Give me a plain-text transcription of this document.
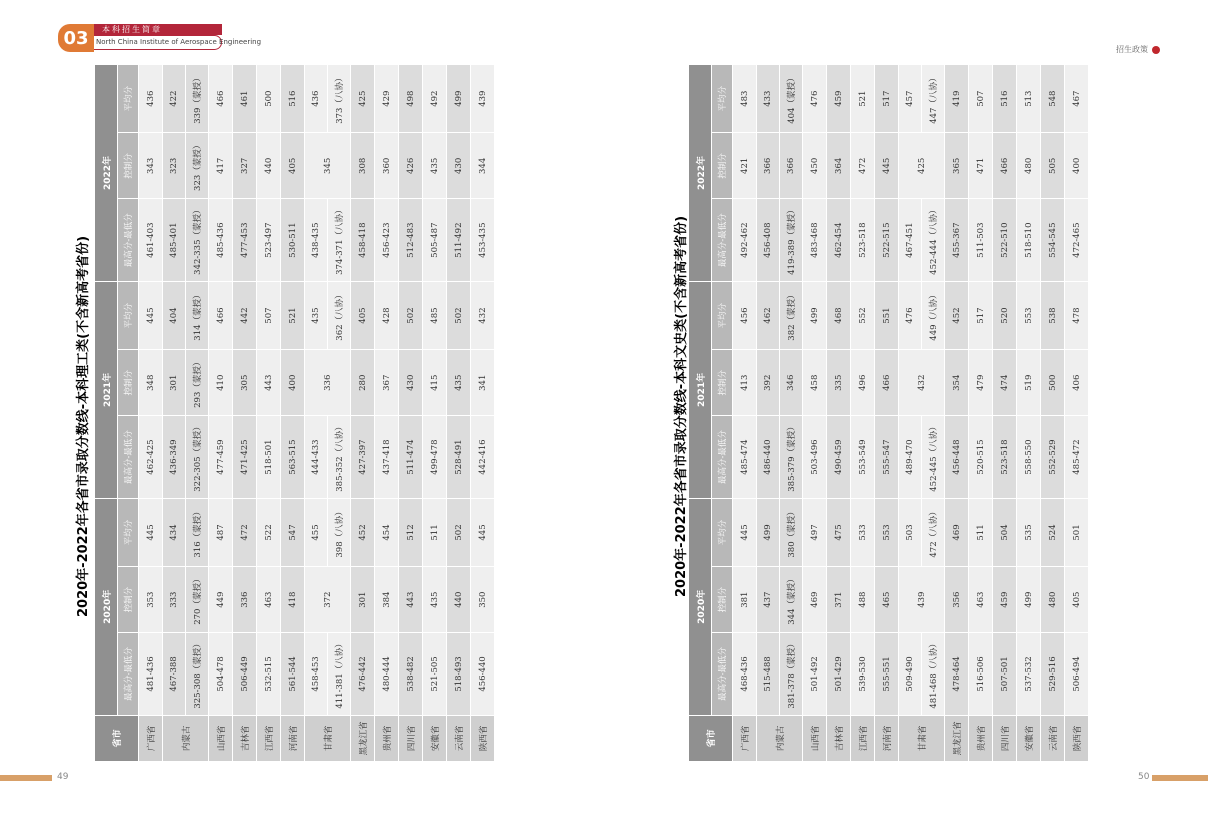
03	本科招生简章
North China Institute of Aerospace Engineering
招生政策
49	50
2020年-2022年各省市录取分数线-本科理工类(不含新高考省份)	2020年-2022年各省市录取分数线-本科文史类(不含新高考省份)
省市	2020年			2021年			2022年		
	最高分-最低分	控制分	平均分	最高分-最低分	控制分	平均分	最高分-最低分	控制分	平均分
广西省	481-436	353	445	462-425	348	445	461-403	343	436
内蒙古	467-388	333	434	436-349	301	404	485-401	323	422
	325-308（蒙授）	270（蒙授）	316（蒙授）	322-305（蒙授）	293（蒙授）	314（蒙授）	342-335（蒙授）	323（蒙授）	339（蒙授）
山西省	504-478	449	487	477-459	410	466	485-436	417	466
吉林省	506-449	336	472	471-425	305	442	477-453	327	461
江西省	532-515	463	522	518-501	443	507	523-497	440	500
河南省	561-544	418	547	563-515	400	521	530-511	405	516
甘肃省	458-453	372	455	444-433	336	435	438-435	345	436
	411-381（八协）		398（八协）	385-352（八协）		362（八协）	374-371（八协）		373（八协）
黑龙江省	476-442	301	452	427-397	280	405	458-418	308	425
贵州省	480-444	384	454	437-418	367	428	456-423	360	429
四川省	538-482	443	512	511-474	430	502	512-483	426	498
安徽省	521-505	435	511	499-478	415	485	505-487	435	492
云南省	518-493	440	502	528-491	435	502	511-492	430	499
陕西省	456-440	350	445	442-416	341	432	453-435	344	439
省市	2020年			2021年			2022年		
	最高分-最低分	控制分	平均分	最高分-最低分	控制分	平均分	最高分-最低分	控制分	平均分
广西省	468-436	381	445	485-474	413	456	492-462	421	483
内蒙古	515-488	437	499	486-440	392	462	456-408	366	433
	381-378（蒙授）	344（蒙授）	380（蒙授）	385-379（蒙授）	346	382（蒙授）	419-389（蒙授）	366	404（蒙授）
山西省	501-492	469	497	503-496	458	499	483-468	450	476
吉林省	501-429	371	475	490-459	335	468	462-454	364	459
江西省	539-530	488	533	553-549	496	552	523-518	472	521
河南省	555-551	465	553	555-547	466	551	522-515	445	517
甘肃省	509-490	439	503	489-470	432	476	467-451	425	457
	481-468（八协）		472（八协）	452-445（八协）		449（八协）	452-444（八协）		447（八协）
黑龙江省	478-464	356	469	456-448	354	452	455-367	365	419
贵州省	516-506	463	511	520-515	479	517	511-503	471	507
四川省	507-501	459	504	523-518	474	520	522-510	466	516
安徽省	537-532	499	535	558-550	519	553	518-510	480	513
云南省	529-516	480	524	552-529	500	538	554-545	505	548
陕西省	506-494	405	501	485-472	406	478	472-465	400	467
